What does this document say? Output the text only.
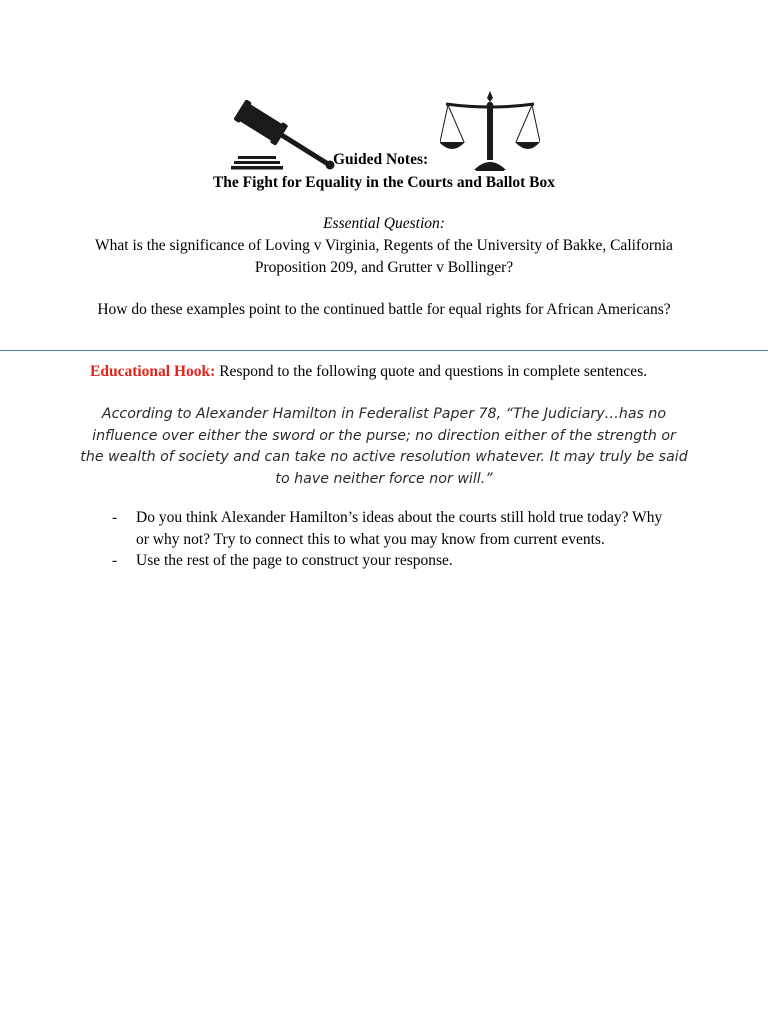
Guided Notes:
The Fight for Equality in the Courts and Ballot Box
Essential Question:
What is the significance of Loving v Virginia, Regents of the University of Bakke, California Proposition 209, and Grutter v Bollinger?
How do these examples point to the continued battle for equal rights for African Americans?
Educational Hook: Respond to the following quote and questions in complete sentences.
According to Alexander Hamilton in Federalist Paper 78, “The Judiciary…has no influence over either the sword or the purse; no direction either of the strength or the wealth of society and can take no active resolution whatever. It may truly be said to have neither force nor will.”
- Do you think Alexander Hamilton’s ideas about the courts still hold true today? Why or why not? Try to connect this to what you may know from current events.
- Use the rest of the page to construct your response.
